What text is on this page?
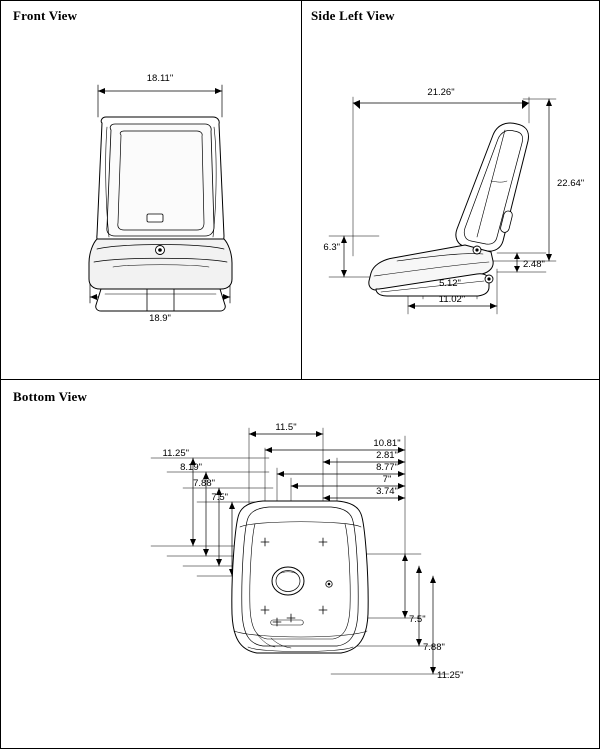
Front View
18.11"
18.9"
Side Left View
21.26"
22.64"
6.3"
2.48"
5.12"
11.02"
Bottom View
11.5"
10.81"
2.81"
8.77"
7"
3.74"
11.25"
8.19"
7.88"
7.5"
7.5"
7.88"
11.25"
